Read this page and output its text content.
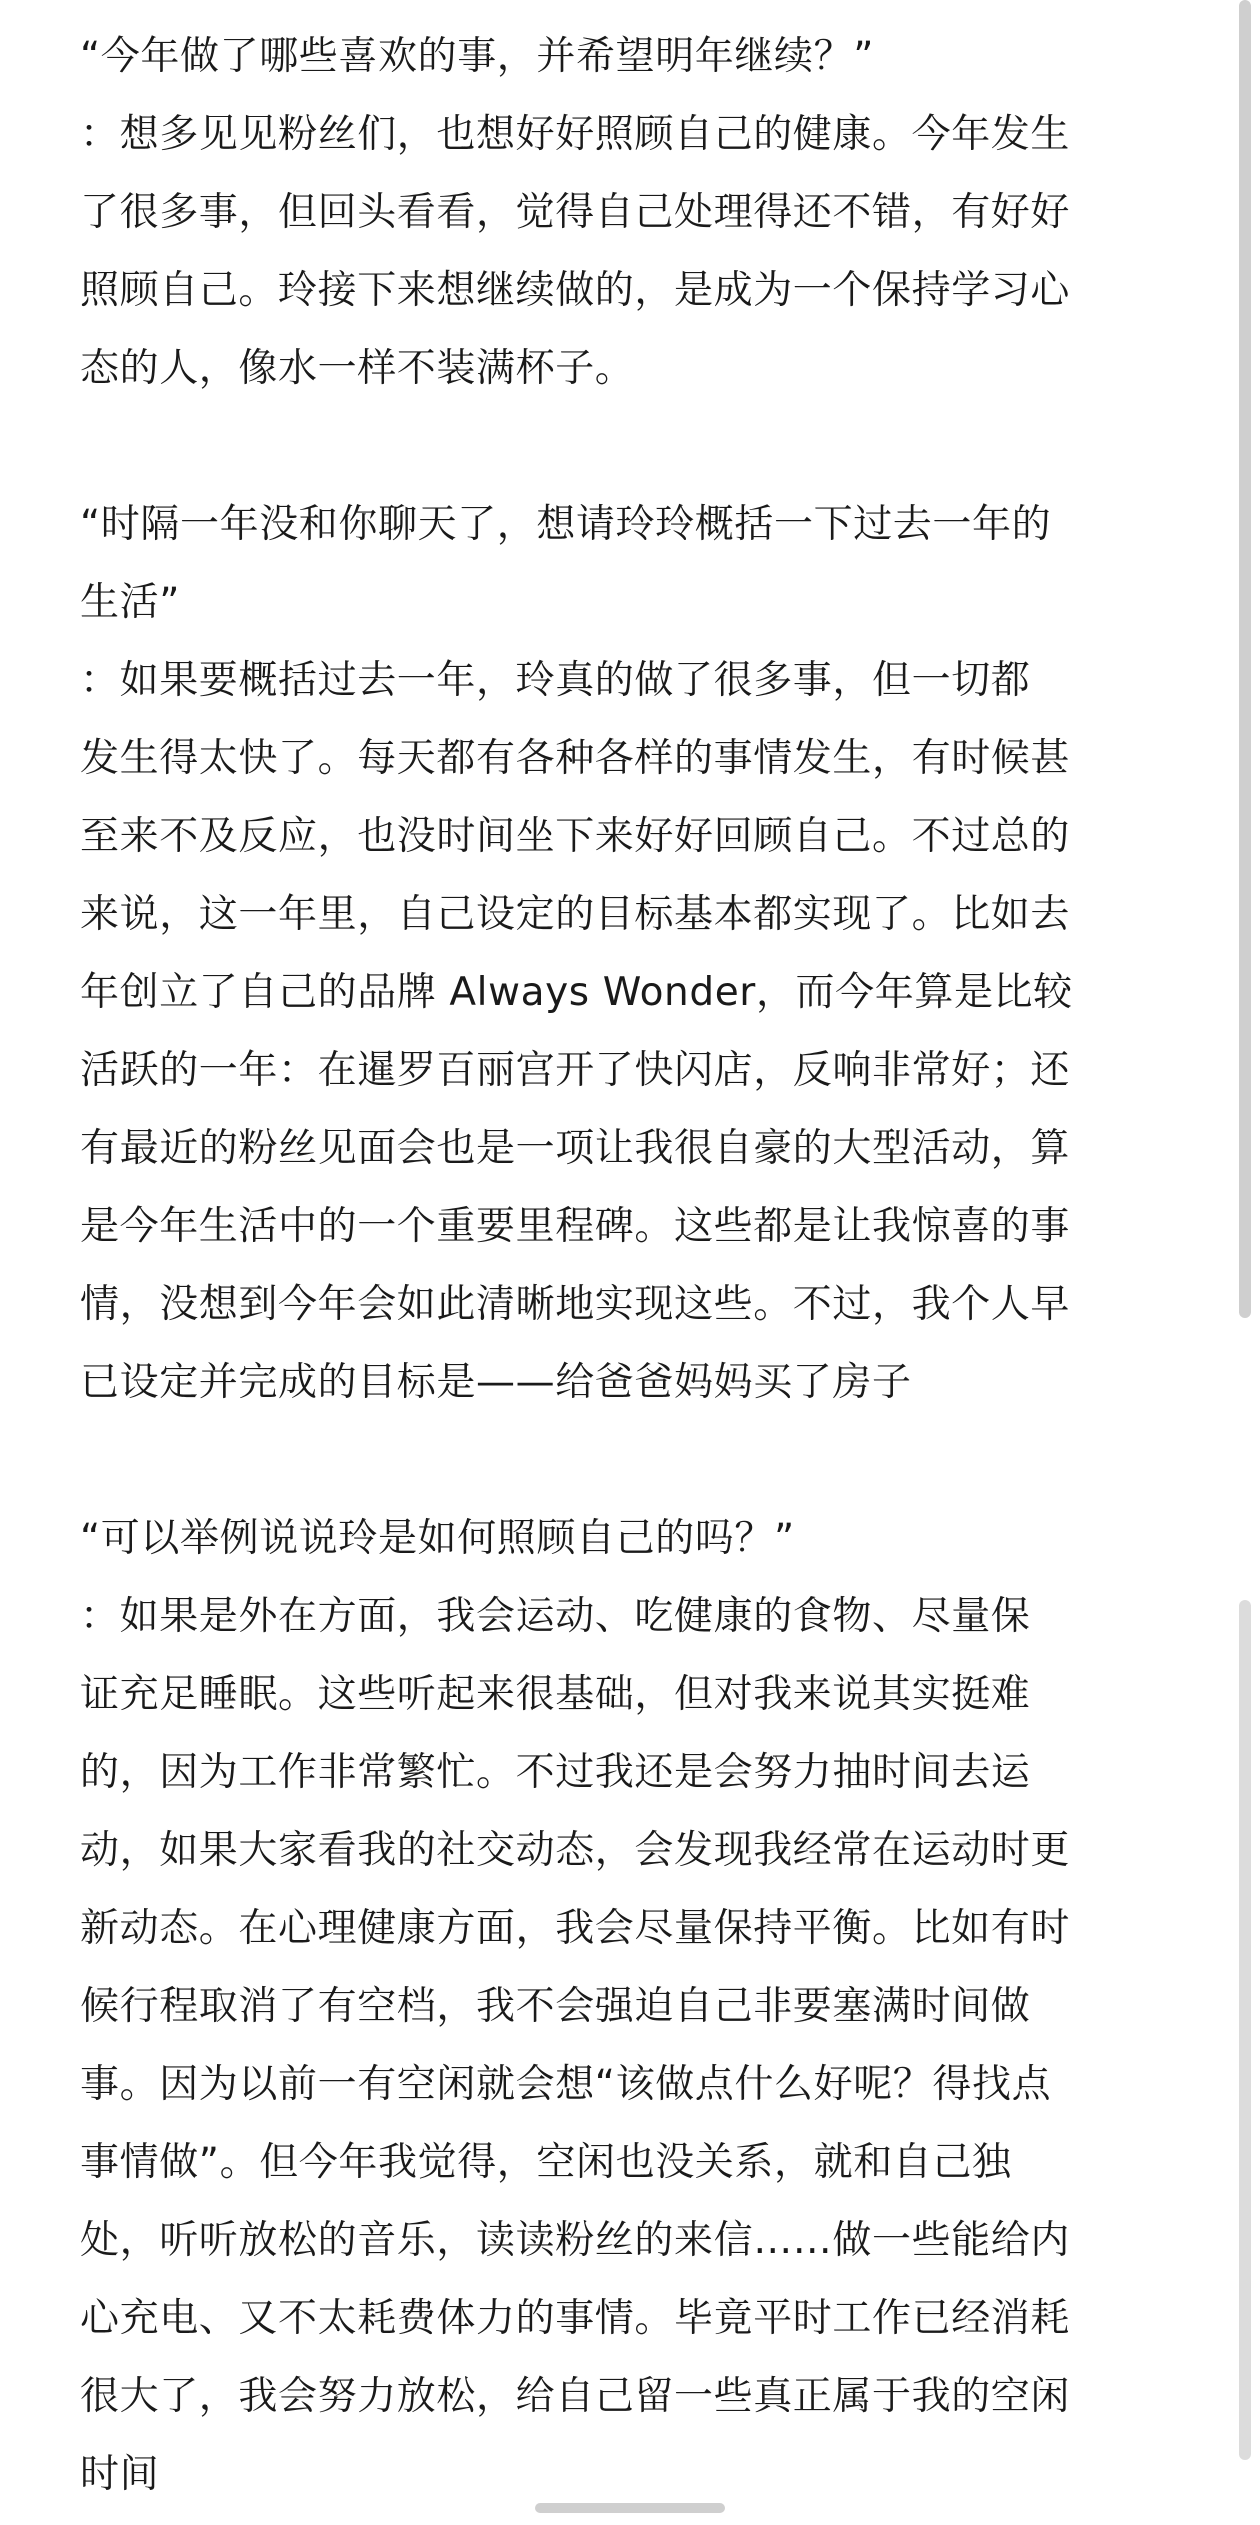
“今年做了哪些喜欢的事，并希望明年继续？”
：想多见见粉丝们，也想好好照顾自己的健康。今年发生
了很多事，但回头看看，觉得自己处理得还不错，有好好
照顾自己。玲接下来想继续做的，是成为一个保持学习心
态的人，像水一样不装满杯子。
“时隔一年没和你聊天了，想请玲玲概括一下过去一年的
生活”
：如果要概括过去一年，玲真的做了很多事，但一切都
发生得太快了。每天都有各种各样的事情发生，有时候甚
至来不及反应，也没时间坐下来好好回顾自己。不过总的
来说，这一年里，自己设定的目标基本都实现了。比如去
年创立了自己的品牌 Always Wonder，而今年算是比较
活跃的一年：在暹罗百丽宫开了快闪店，反响非常好；还
有最近的粉丝见面会也是一项让我很自豪的大型活动，算
是今年生活中的一个重要里程碑。这些都是让我惊喜的事
情，没想到今年会如此清晰地实现这些。不过，我个人早
已设定并完成的目标是——给爸爸妈妈买了房子
“可以举例说说玲是如何照顾自己的吗？”
：如果是外在方面，我会运动、吃健康的食物、尽量保
证充足睡眠。这些听起来很基础，但对我来说其实挺难
的，因为工作非常繁忙。不过我还是会努力抽时间去运
动，如果大家看我的社交动态，会发现我经常在运动时更
新动态。在心理健康方面，我会尽量保持平衡。比如有时
候行程取消了有空档，我不会强迫自己非要塞满时间做
事。因为以前一有空闲就会想“该做点什么好呢？得找点
事情做”。但今年我觉得，空闲也没关系，就和自己独
处，听听放松的音乐，读读粉丝的来信……做一些能给内
心充电、又不太耗费体力的事情。毕竟平时工作已经消耗
很大了，我会努力放松，给自己留一些真正属于我的空闲
时间
